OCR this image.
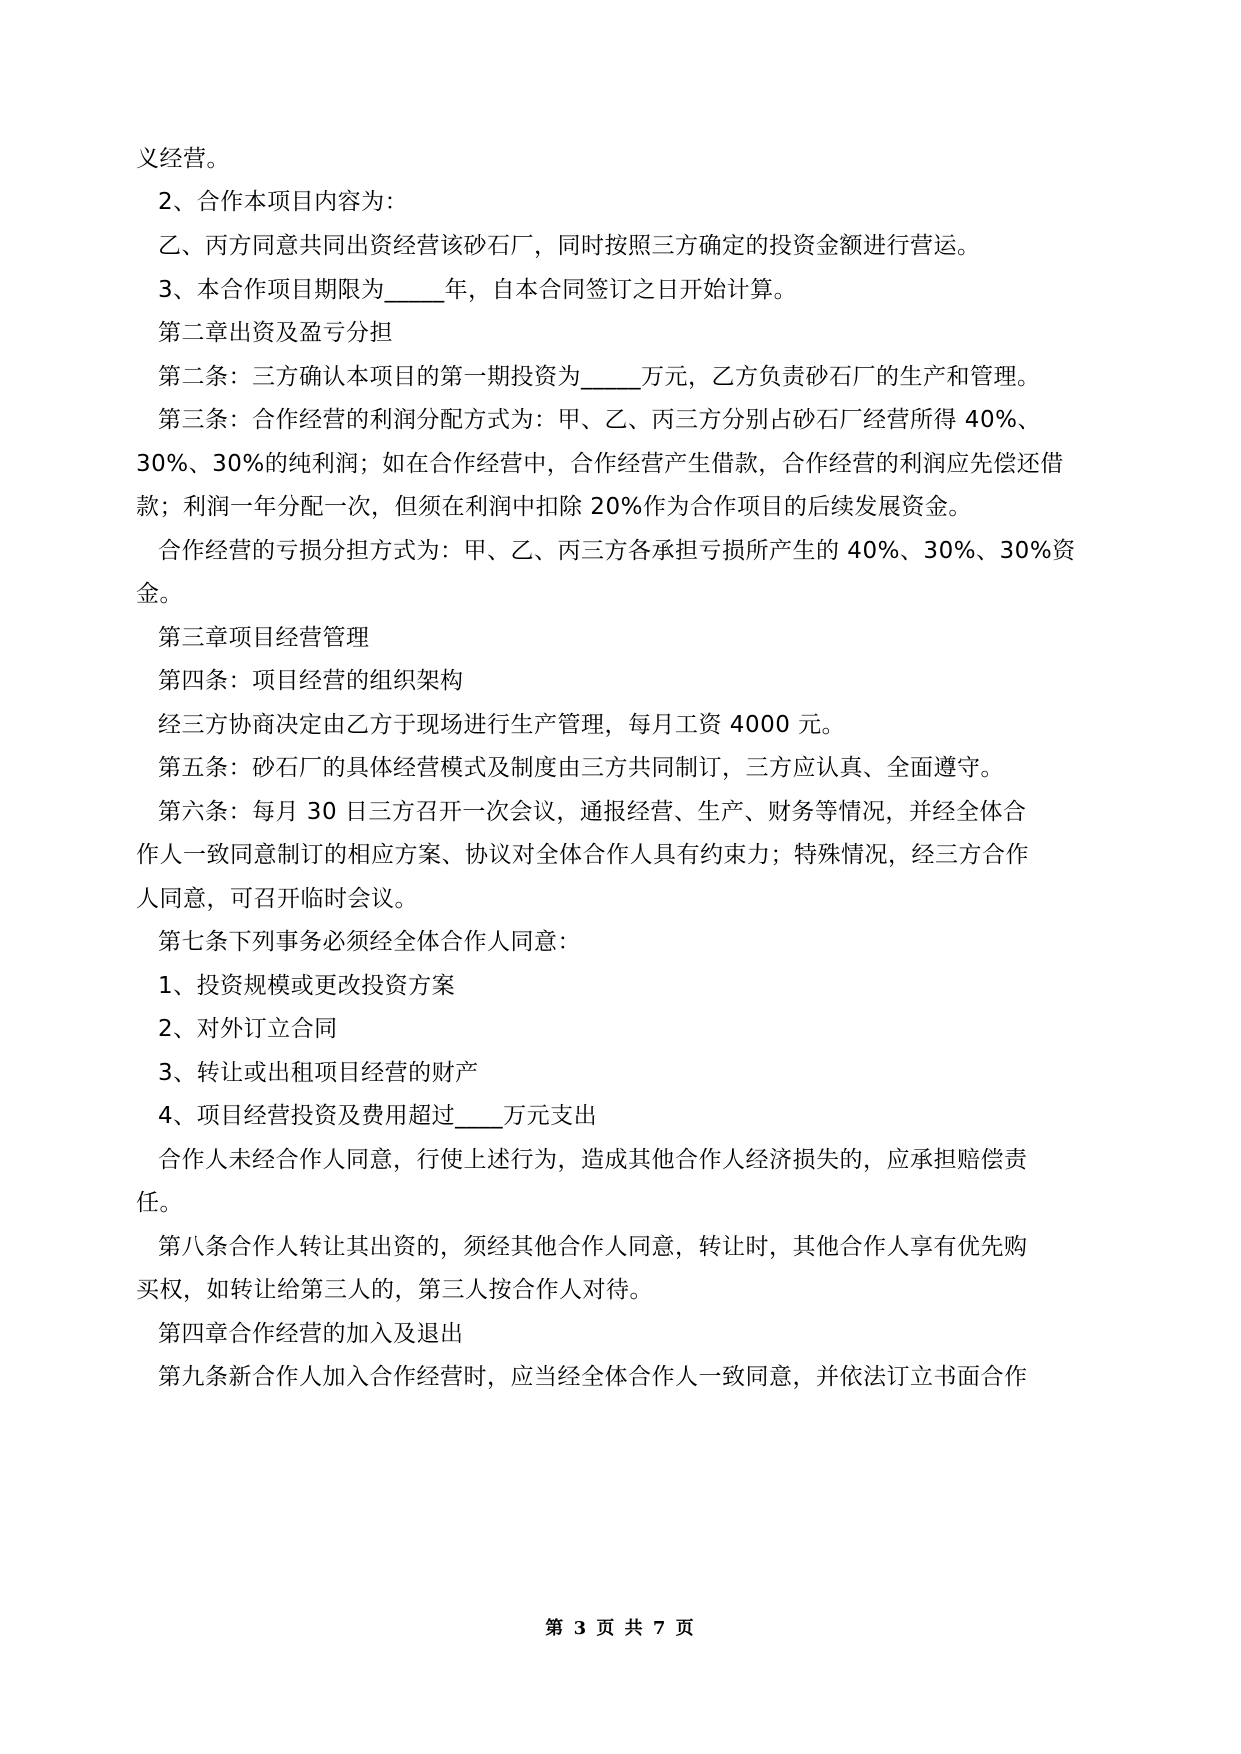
义经营。
2、合作本项目内容为：
乙、丙方同意共同出资经营该砂石厂，同时按照三方确定的投资金额进行营运。
3、本合作项目期限为_____年，自本合同签订之日开始计算。
第二章出资及盈亏分担
第二条：三方确认本项目的第一期投资为_____万元，乙方负责砂石厂的生产和管理。
第三条：合作经营的利润分配方式为：甲、乙、丙三方分别占砂石厂经营所得 40%、
30%、30%的纯利润；如在合作经营中，合作经营产生借款，合作经营的利润应先偿还借
款；利润一年分配一次，但须在利润中扣除 20%作为合作项目的后续发展资金。
合作经营的亏损分担方式为：甲、乙、丙三方各承担亏损所产生的 40%、30%、30%资
金。
第三章项目经营管理
第四条：项目经营的组织架构
经三方协商决定由乙方于现场进行生产管理，每月工资 4000 元。
第五条：砂石厂的具体经营模式及制度由三方共同制订，三方应认真、全面遵守。
第六条：每月 30 日三方召开一次会议，通报经营、生产、财务等情况，并经全体合
作人一致同意制订的相应方案、协议对全体合作人具有约束力；特殊情况，经三方合作
人同意，可召开临时会议。
第七条下列事务必须经全体合作人同意：
1、投资规模或更改投资方案
2、对外订立合同
3、转让或出租项目经营的财产
4、项目经营投资及费用超过____万元支出
合作人未经合作人同意，行使上述行为，造成其他合作人经济损失的，应承担赔偿责
任。
第八条合作人转让其出资的，须经其他合作人同意，转让时，其他合作人享有优先购
买权，如转让给第三人的，第三人按合作人对待。
第四章合作经营的加入及退出
第九条新合作人加入合作经营时，应当经全体合作人一致同意，并依法订立书面合作
第 3 页 共 7 页
